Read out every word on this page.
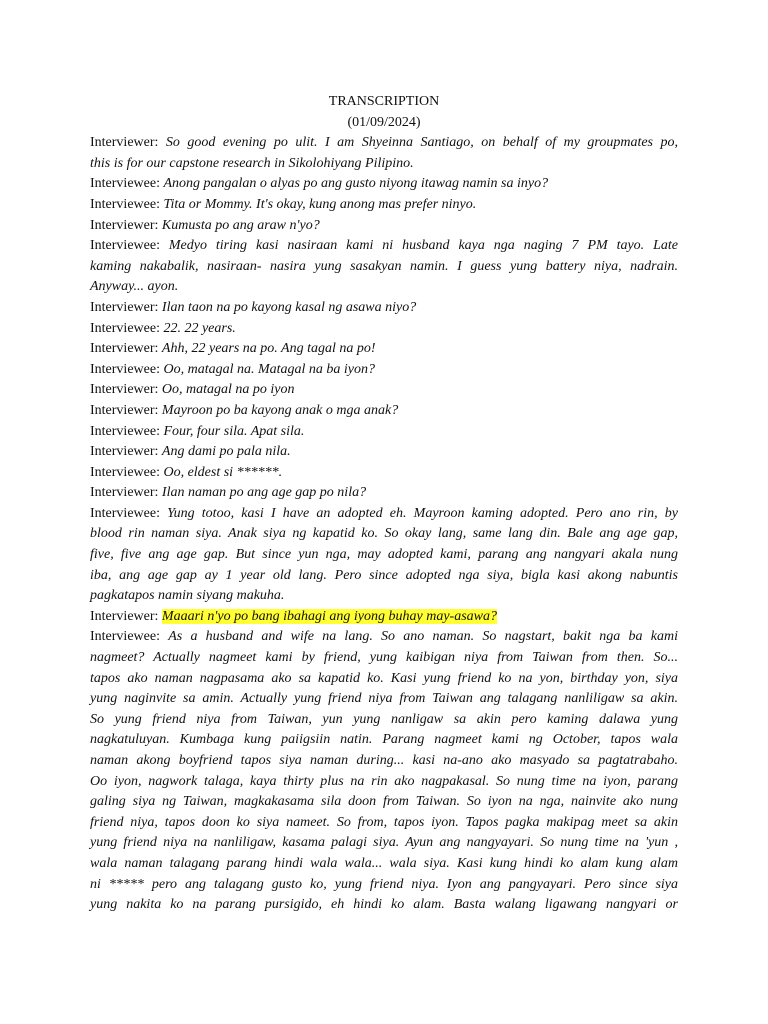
TRANSCRIPTION

(01/09/2024)

Interviewer: So good evening po ulit. I am Shyeinna Santiago, on behalf of my groupmates po,
this is for our capstone research in Sikolohiyang Pilipino.
Interviewee: Anong pangalan o alyas po ang gusto niyong itawag namin sa inyo?
Interviewee: Tita or Mommy. It's okay, kung anong mas prefer ninyo.
Interviewer: Kumusta po ang araw n'yo?
Interviewee: Medyo tiring kasi nasiraan kami ni husband kaya nga naging 7 PM tayo. Late
kaming nakabalik, nasiraan- nasira yung sasakyan namin. I guess yung battery niya, nadrain.
Anyway... ayon.
Interviewer: Ilan taon na po kayong kasal ng asawa niyo?
Interviewee: 22. 22 years.
Interviewer: Ahh, 22 years na po. Ang tagal na po!
Interviewee: Oo, matagal na. Matagal na ba iyon?
Interviewer: Oo, matagal na po iyon
Interviewer: Mayroon po ba kayong anak o mga anak?
Interviewee: Four, four sila. Apat sila.
Interviewer: Ang dami po pala nila.
Interviewee: Oo, eldest si ******.
Interviewer: Ilan naman po ang age gap po nila?
Interviewee: Yung totoo, kasi I have an adopted eh. Mayroon kaming adopted. Pero ano rin, by
blood rin naman siya. Anak siya ng kapatid ko. So okay lang, same lang din. Bale ang age gap,
five, five ang age gap. But since yun nga, may adopted kami, parang ang nangyari akala nung
iba, ang age gap ay 1 year old lang. Pero since adopted nga siya, bigla kasi akong nabuntis
pagkatapos namin siyang makuha.
Interviewer: Maaari n'yo po bang ibahagi ang iyong buhay may-asawa?
Interviewee: As a husband and wife na lang. So ano naman. So nagstart, bakit nga ba kami
nagmeet? Actually nagmeet kami by friend, yung kaibigan niya from Taiwan from then. So...
tapos ako naman nagpasama ako sa kapatid ko. Kasi yung friend ko na yon, birthday yon, siya
yung naginvite sa amin. Actually yung friend niya from Taiwan ang talagang nanliligaw sa akin.
So yung friend niya from Taiwan, yun yung nanligaw sa akin pero kaming dalawa yung
nagkatuluyan. Kumbaga kung paiigsiin natin. Parang nagmeet kami ng October, tapos wala
naman akong boyfriend tapos siya naman during... kasi na-ano ako masyado sa pagtatrabaho.
Oo iyon, nagwork talaga, kaya thirty plus na rin ako nagpakasal. So nung time na iyon, parang
galing siya ng Taiwan, magkakasama sila doon from Taiwan. So iyon na nga, nainvite ako nung
friend niya, tapos doon ko siya nameet. So from, tapos iyon. Tapos pagka makipag meet sa akin
yung friend niya na nanliligaw, kasama palagi siya. Ayun ang nangyayari. So nung time na 'yun ,
wala naman talagang parang hindi wala wala... wala siya. Kasi kung hindi ko alam kung alam
ni ***** pero ang talagang gusto ko, yung friend niya. Iyon ang pangyayari. Pero since siya
yung nakita ko na parang pursigido, eh hindi ko alam. Basta walang ligawang nangyari or
